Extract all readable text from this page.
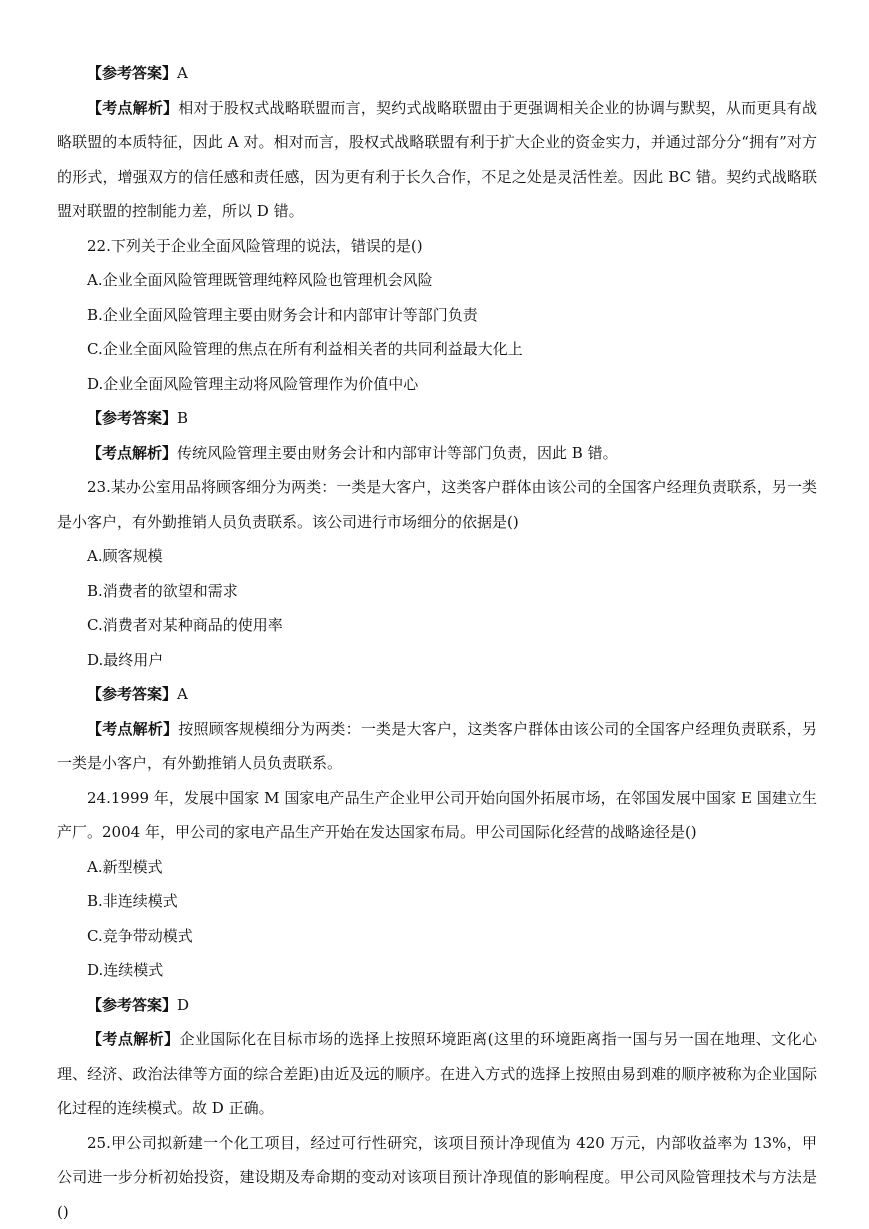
【参考答案】A

【考点解析】相对于股权式战略联盟而言，契约式战略联盟由于更强调相关企业的协调与默契，从而更具有战略联盟的本质特征，因此 A 对。相对而言，股权式战略联盟有利于扩大企业的资金实力，并通过部分分“拥有”对方的形式，增强双方的信任感和责任感，因为更有利于长久合作，不足之处是灵活性差。因此 BC 错。契约式战略联盟对联盟的控制能力差，所以 D 错。

22.下列关于企业全面风险管理的说法，错误的是()

A.企业全面风险管理既管理纯粹风险也管理机会风险

B.企业全面风险管理主要由财务会计和内部审计等部门负责

C.企业全面风险管理的焦点在所有利益相关者的共同利益最大化上

D.企业全面风险管理主动将风险管理作为价值中心

【参考答案】B

【考点解析】传统风险管理主要由财务会计和内部审计等部门负责，因此 B 错。

23.某办公室用品将顾客细分为两类：一类是大客户，这类客户群体由该公司的全国客户经理负责联系，另一类是小客户，有外勤推销人员负责联系。该公司进行市场细分的依据是()

A.顾客规模

B.消费者的欲望和需求

C.消费者对某种商品的使用率

D.最终用户

【参考答案】A

【考点解析】按照顾客规模细分为两类：一类是大客户，这类客户群体由该公司的全国客户经理负责联系，另一类是小客户，有外勤推销人员负责联系。

24.1999 年，发展中国家 M 国家电产品生产企业甲公司开始向国外拓展市场，在邻国发展中国家 E 国建立生产厂。2004 年，甲公司的家电产品生产开始在发达国家布局。甲公司国际化经营的战略途径是()

A.新型模式

B.非连续模式

C.竞争带动模式

D.连续模式

【参考答案】D

【考点解析】企业国际化在目标市场的选择上按照环境距离(这里的环境距离指一国与另一国在地理、文化心理、经济、政治法律等方面的综合差距)由近及远的顺序。在进入方式的选择上按照由易到难的顺序被称为企业国际化过程的连续模式。故 D 正确。

25.甲公司拟新建一个化工项目，经过可行性研究，该项目预计净现值为 420 万元，内部收益率为 13%，甲公司进一步分析初始投资，建设期及寿命期的变动对该项目预计净现值的影响程度。甲公司风险管理技术与方法是()
